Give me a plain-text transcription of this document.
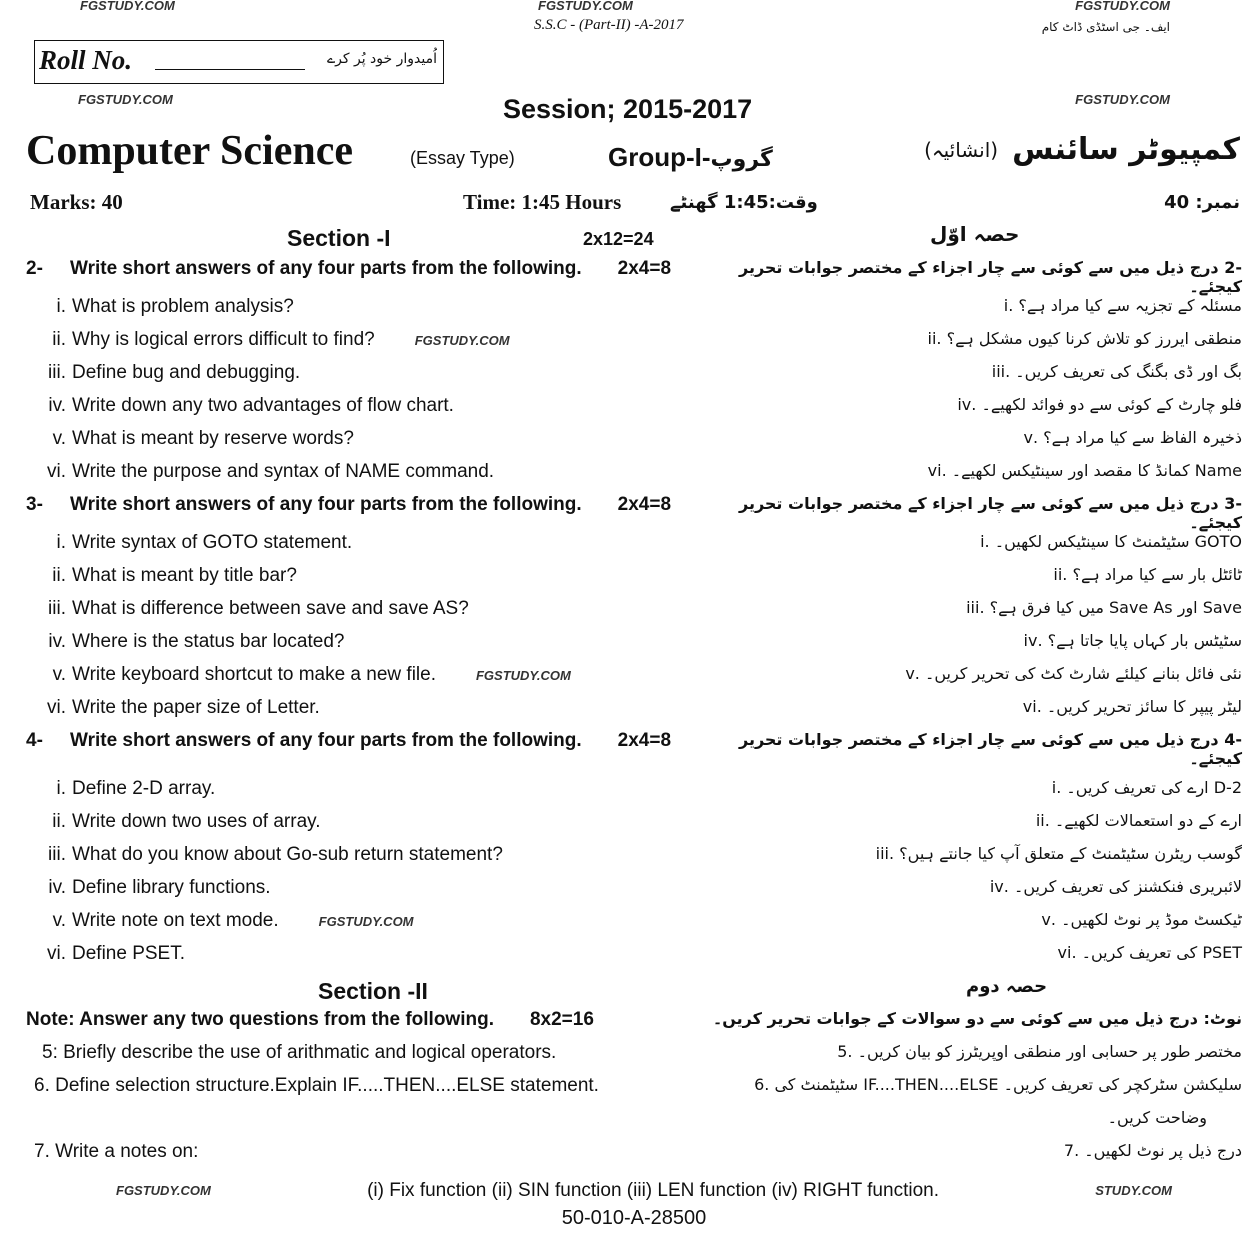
FGSTUDY.COM	FGSTUDY.COM	FGSTUDY.COM
S.S.C - (Part-II) -A-2017	ایف۔ جی اسٹڈی ڈاٹ کام
Roll No.	اُمیدوار خود پُر کرے
FGSTUDY.COM	FGSTUDY.COM
Session; 2015-2017
Computer Science	(Essay Type)	Group-I-گروپ	کمپیوٹر سائنس
(انشائیہ)
Marks: 40	Time: 1:45 Hours	وقت:1:45 گھنٹے	نمبر: 40
Section -I	2x12=24	حصہ اوّل
2-	Write short answers of any four parts from the following. 2x4=8	-2 درج ذیل میں سے کوئی سے چار اجزاء کے مختصر جوابات تحریر کیجئے۔
i. What is problem analysis?	مسئلہ کے تجزیہ سے کیا مراد ہے؟ .i
ii. Why is logical errors difficult to find?	FGSTUDY.COM	منطقی ایررز کو تلاش کرنا کیوں مشکل ہے؟ .ii
iii. Define bug and debugging.	بگ اور ڈی بگنگ کی تعریف کریں۔ .iii
iv. Write down any two advantages of flow chart.	فلو چارٹ کے کوئی سے دو فوائد لکھیے۔ .iv
v. What is meant by reserve words?	ذخیرہ الفاظ سے کیا مراد ہے؟ .v
vi. Write the purpose and syntax of NAME command.	Name کمانڈ کا مقصد اور سینٹیکس لکھیے۔ .vi
3-	Write short answers of any four parts from the following. 2x4=8	-3 درج ذیل میں سے کوئی سے چار اجزاء کے مختصر جوابات تحریر کیجئے۔
i. Write syntax of GOTO statement.	GOTO سٹیٹمنٹ کا سینٹیکس لکھیں۔ .i
ii. What is meant by title bar?	ٹائٹل بار سے کیا مراد ہے؟ .ii
iii. What is difference between save and save AS?	Save اور Save As میں کیا فرق ہے؟ .iii
iv. Where is the status bar located?	سٹیٹس بار کہاں پایا جاتا ہے؟ .iv
v. Write keyboard shortcut to make a new file.	FGSTUDY.COM	نئی فائل بنانے کیلئے شارٹ کٹ کی تحریر کریں۔ .v
vi. Write the paper size of Letter.	لیٹر پیپر کا سائز تحریر کریں۔ .vi
4-	Write short answers of any four parts from the following. 2x4=8	-4 درج ذیل میں سے کوئی سے چار اجزاء کے مختصر جوابات تحریر کیجئے۔
i. Define 2-D array.	2-D ارے کی تعریف کریں۔ .i
ii. Write down two uses of array.	ارے کے دو استعمالات لکھیے۔ .ii
iii. What do you know about Go-sub return statement?	گوسب ریٹرن سٹیٹمنٹ کے متعلق آپ کیا جانتے ہیں؟ .iii
iv. Define library functions.	لائبریری فنکشنز کی تعریف کریں۔ .iv
v. Write note on text mode.	FGSTUDY.COM	ٹیکسٹ موڈ پر نوٹ لکھیں۔ .v
vi. Define PSET.	PSET کی تعریف کریں۔ .vi
Section -II	حصہ دوم
Note: Answer any two questions from the following. 8x2=16	نوٹ: درج ذیل میں سے کوئی سے دو سوالات کے جوابات تحریر کریں۔
5: Briefly describe the use of arithmatic and logical operators.	مختصر طور پر حسابی اور منطقی اوپریٹرز کو بیان کریں۔ .5
6. Define selection structure.Explain IF.....THEN....ELSE statement.	سلیکشن سٹرکچر کی تعریف کریں۔ IF....THEN....ELSE سٹیٹمنٹ کی .6
وضاحت کریں۔
7. Write a notes on:	درج ذیل پر نوٹ لکھیں۔ .7
FGSTUDY.COM	(i) Fix function (ii) SIN function (iii) LEN function (iv) RIGHT function.	STUDY.COM
50-010-A-28500
